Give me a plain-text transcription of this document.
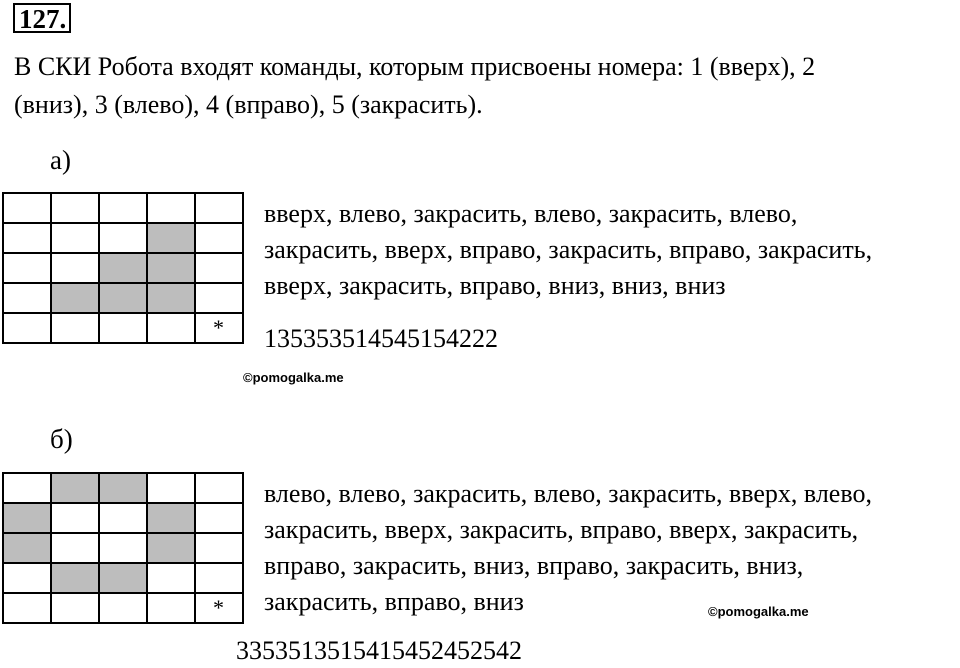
127.
В СКИ Робота входят команды, которым присвоены номера: 1 (вверх), 2
(вниз), 3 (влево), 4 (вправо), 5 (закрасить).
а)
*
вверх, влево, закрасить, влево, закрасить, влево,
закрасить, вверх, вправо, закрасить, вправо, закрасить,
вверх, закрасить, вправо, вниз, вниз, вниз
135353514545154222
©pomogalka.me
б)
*
влево, влево, закрасить, влево, закрасить, вверх, влево,
закрасить, вверх, закрасить, вправо, вверх, закрасить,
вправо, закрасить, вниз, вправо, закрасить, вниз,
закрасить, вправо, вниз	©pomogalka.me
3353513515415452452542
